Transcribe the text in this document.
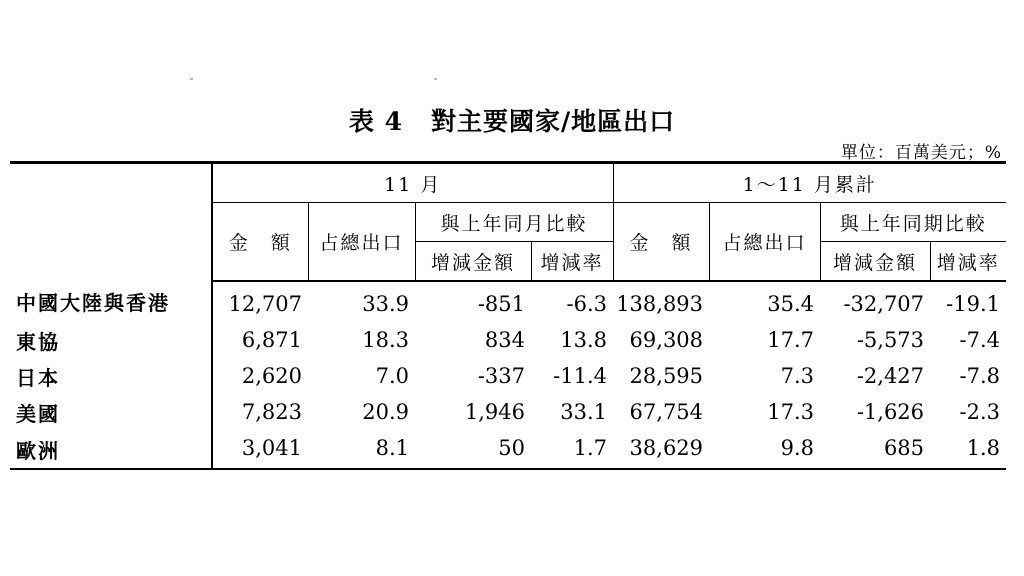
表 4 對主要國家/地區出口
單位：百萬美元；%
	11 月				1～11 月累計			
	金　額	占總出口	與上年同月比較		金　額	占總出口	與上年同期比較	
			增減金額	增減率			增減金額	增減率
中國大陸與香港	12,707	33.9	-851	-6.3	138,893	35.4	-32,707	-19.1
東協	6,871	18.3	834	13.8	69,308	17.7	-5,573	-7.4
日本	2,620	7.0	-337	-11.4	28,595	7.3	-2,427	-7.8
美國	7,823	20.9	1,946	33.1	67,754	17.3	-1,626	-2.3
歐洲	3,041	8.1	50	1.7	38,629	9.8	685	1.8
